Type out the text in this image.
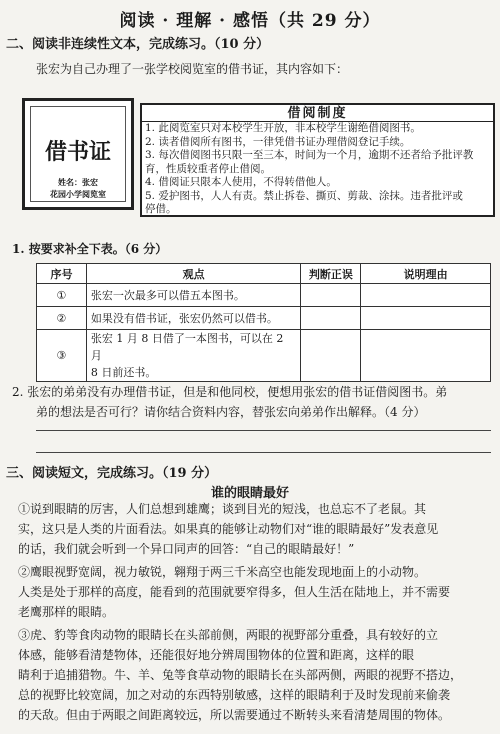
阅读 · 理解 · 感悟（共 29 分）
二、阅读非连续性文本，完成练习。（10 分）
张宏为自己办理了一张学校阅览室的借书证，其内容如下：
借书证
姓名：张宏
花园小学阅览室
借阅制度
1. 此阅览室只对本校学生开放，非本校学生谢绝借阅图书。
2. 读者借阅所有图书，一律凭借书证办理借阅登记手续。
3. 每次借阅图书只限一至三本，时间为一个月，逾期不还者给予批评教
育，性质较重者停止借阅。
4. 借阅证只限本人使用，不得转借他人。
5. 爱护图书，人人有责。禁止拆卷、撕页、剪裁、涂抹。违者批评或
停借。
1. 按要求补全下表。（6 分）
序号	观点	判断正误	说明理由
①	张宏一次最多可以借五本图书。		
②	如果没有借书证，张宏仍然可以借书。		
③	张宏 1 月 8 日借了一本图书，可以在 2 月
8 日前还书。		

2. 张宏的弟弟没有办理借书证，但是和他同校，便想用张宏的借书证借阅图书。弟
弟的想法是否可行？请你结合资料内容，替张宏向弟弟作出解释。（4 分）
三、阅读短文，完成练习。（19 分）
谁的眼睛最好
①说到眼睛的厉害，人们总想到雄鹰；谈到目光的短浅，也总忘不了老鼠。其
实，这只是人类的片面看法。如果真的能够让动物们对“谁的眼睛最好”发表意见
的话，我们就会听到一个异口同声的回答：“自己的眼睛最好！”
②鹰眼视野宽阔，视力敏锐，翱翔于两三千米高空也能发现地面上的小动物。
人类是处于那样的高度，能看到的范围就要窄得多，但人生活在陆地上，并不需要
老鹰那样的眼睛。
③虎、豹等食肉动物的眼睛长在头部前侧，两眼的视野部分重叠，具有较好的立
体感，能够看清楚物体，还能很好地分辨周围物体的位置和距离，这样的眼
睛利于追捕猎物。牛、羊、兔等食草动物的眼睛长在头部两侧，两眼的视野不搭边，
总的视野比较宽阔，加之对动的东西特别敏感，这样的眼睛利于及时发现前来偷袭
的天敌。但由于两眼之间距离较远，所以需要通过不断转头来看清楚周围的物体。
